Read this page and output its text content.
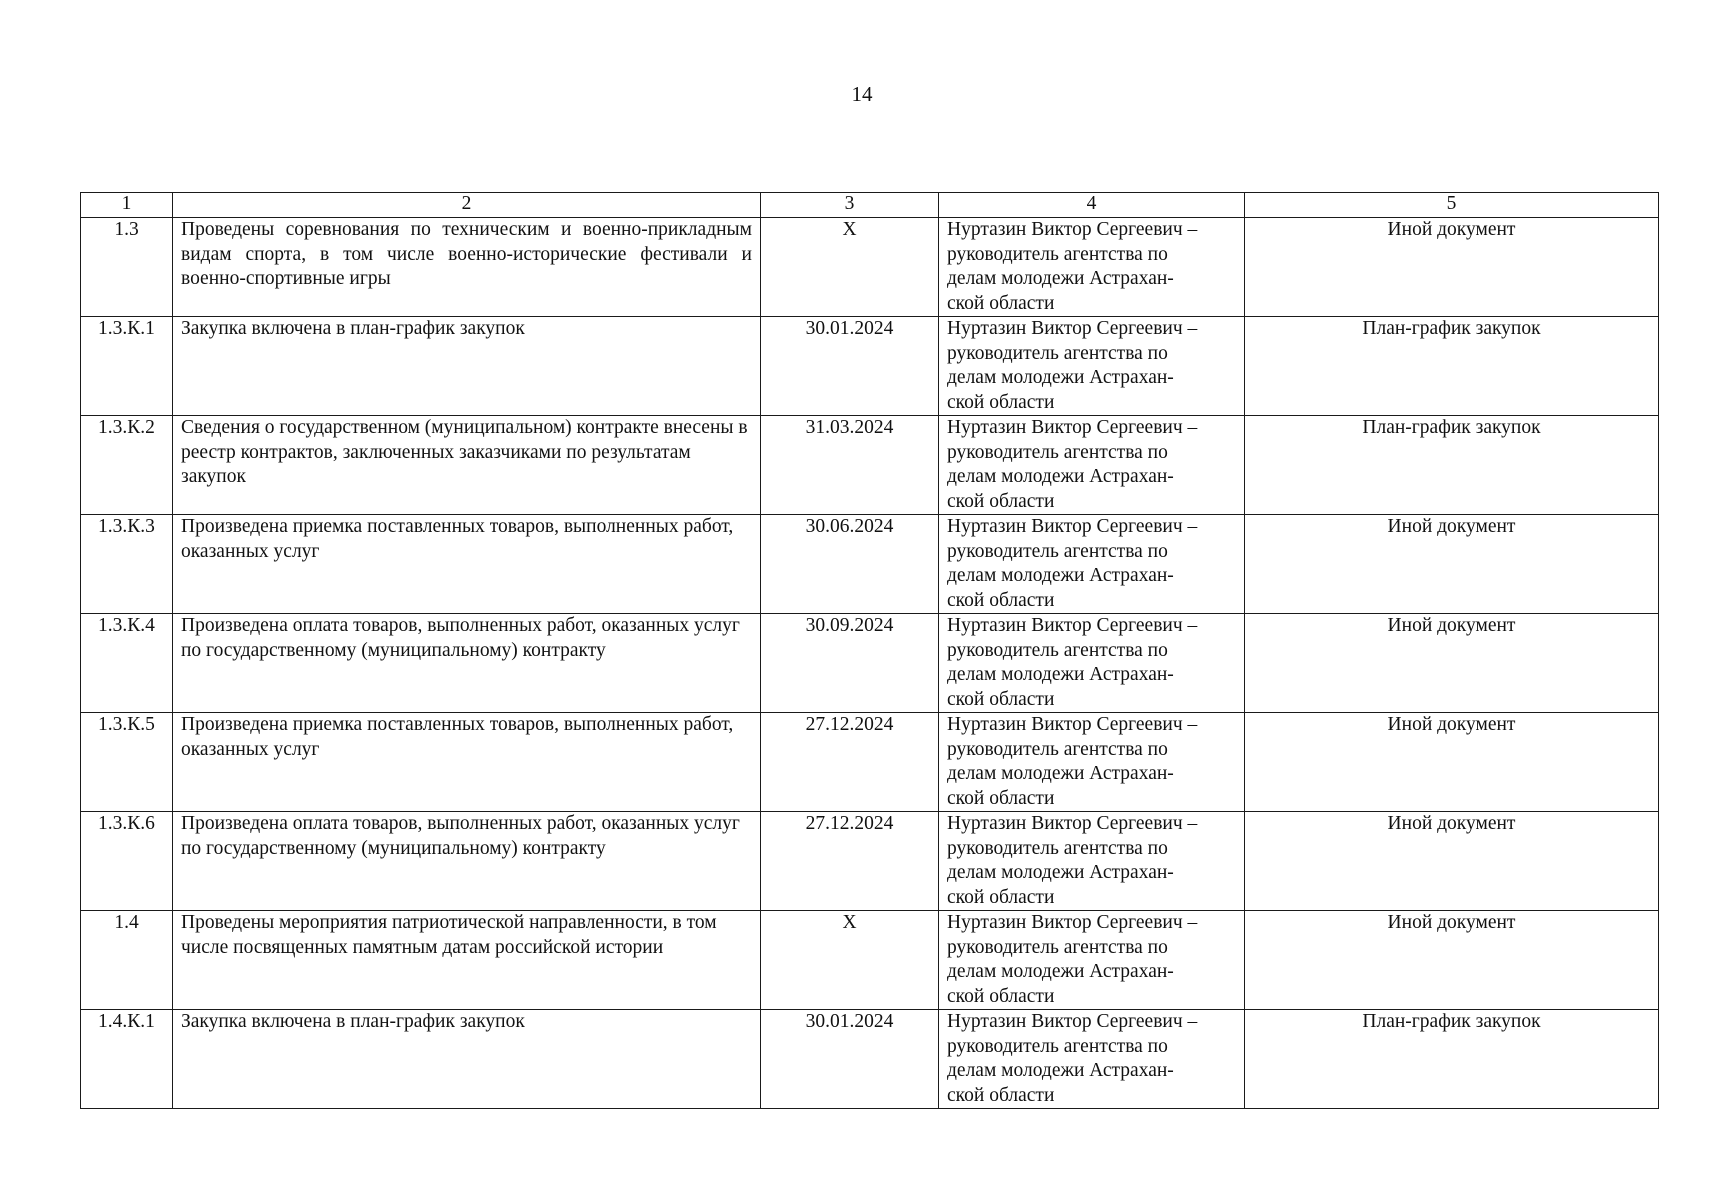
14
1	2	3	4	5
1.3	Проведены соревнования по техническим и военно-прикладным видам спорта, в том числе военно-исторические фестивали и военно-спортивные игры	X	Нуртазин Виктор Сергеевич –
руководитель агентства по
делам молодежи Астрахан-
ской области	Иной документ
1.3.К.1	Закупка включена в план-график закупок	30.01.2024	Нуртазин Виктор Сергеевич –
руководитель агентства по
делам молодежи Астрахан-
ской области	План-график закупок
1.3.К.2	Сведения о государственном (муниципальном) контракте внесены в реестр контрактов, заключенных заказчиками по результатам закупок	31.03.2024	Нуртазин Виктор Сергеевич –
руководитель агентства по
делам молодежи Астрахан-
ской области	План-график закупок
1.3.К.3	Произведена приемка поставленных товаров, выполненных работ, оказанных услуг	30.06.2024	Нуртазин Виктор Сергеевич –
руководитель агентства по
делам молодежи Астрахан-
ской области	Иной документ
1.3.К.4	Произведена оплата товаров, выполненных работ, оказанных услуг по государственному (муниципальному) контракту	30.09.2024	Нуртазин Виктор Сергеевич –
руководитель агентства по
делам молодежи Астрахан-
ской области	Иной документ
1.3.К.5	Произведена приемка поставленных товаров, выполненных работ, оказанных услуг	27.12.2024	Нуртазин Виктор Сергеевич –
руководитель агентства по
делам молодежи Астрахан-
ской области	Иной документ
1.3.К.6	Произведена оплата товаров, выполненных работ, оказанных услуг по государственному (муниципальному) контракту	27.12.2024	Нуртазин Виктор Сергеевич –
руководитель агентства по
делам молодежи Астрахан-
ской области	Иной документ
1.4	Проведены мероприятия патриотической направленности, в том числе посвященных памятным датам российской истории	X	Нуртазин Виктор Сергеевич –
руководитель агентства по
делам молодежи Астрахан-
ской области	Иной документ
1.4.К.1	Закупка включена в план-график закупок	30.01.2024	Нуртазин Виктор Сергеевич –
руководитель агентства по
делам молодежи Астрахан-
ской области	План-график закупок
